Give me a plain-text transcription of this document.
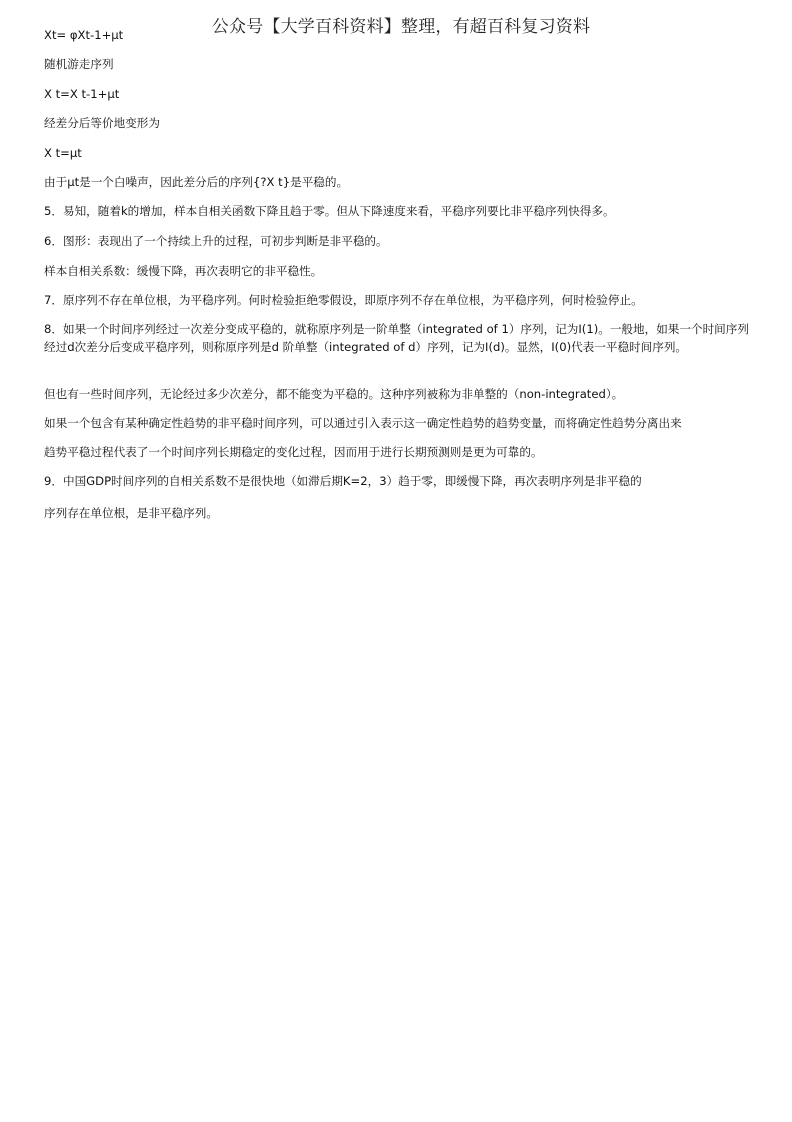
公众号【大学百科资料】整理，有超百科复习资料
Xt= φXt-1+μt
随机游走序列
X t=X t-1+μt
经差分后等价地变形为
X t=μt
由于μt是一个白噪声，因此差分后的序列{?X t}是平稳的。
5．易知，随着k的增加，样本自相关函数下降且趋于零。但从下降速度来看，平稳序列要比非平稳序列快得多。
6．图形：表现出了一个持续上升的过程，可初步判断是非平稳的。
样本自相关系数：缓慢下降，再次表明它的非平稳性。
7．原序列不存在单位根，为平稳序列。何时检验拒绝零假设，即原序列不存在单位根，为平稳序列，何时检验停止。
8．如果一个时间序列经过一次差分变成平稳的，就称原序列是一阶单整（integrated of 1）序列，记为I(1)。一般地，如果一个时间序列经过d次差分后变成平稳序列，则称原序列是d 阶单整（integrated of d）序列，记为I(d)。显然，I(0)代表一平稳时间序列。
但也有一些时间序列，无论经过多少次差分，都不能变为平稳的。这种序列被称为非单整的（non-integrated）。
如果一个包含有某种确定性趋势的非平稳时间序列，可以通过引入表示这一确定性趋势的趋势变量，而将确定性趋势分离出来
趋势平稳过程代表了一个时间序列长期稳定的变化过程，因而用于进行长期预测则是更为可靠的。
9．中国GDP时间序列的自相关系数不是很快地（如滞后期K=2，3）趋于零，即缓慢下降，再次表明序列是非平稳的
序列存在单位根，是非平稳序列。
